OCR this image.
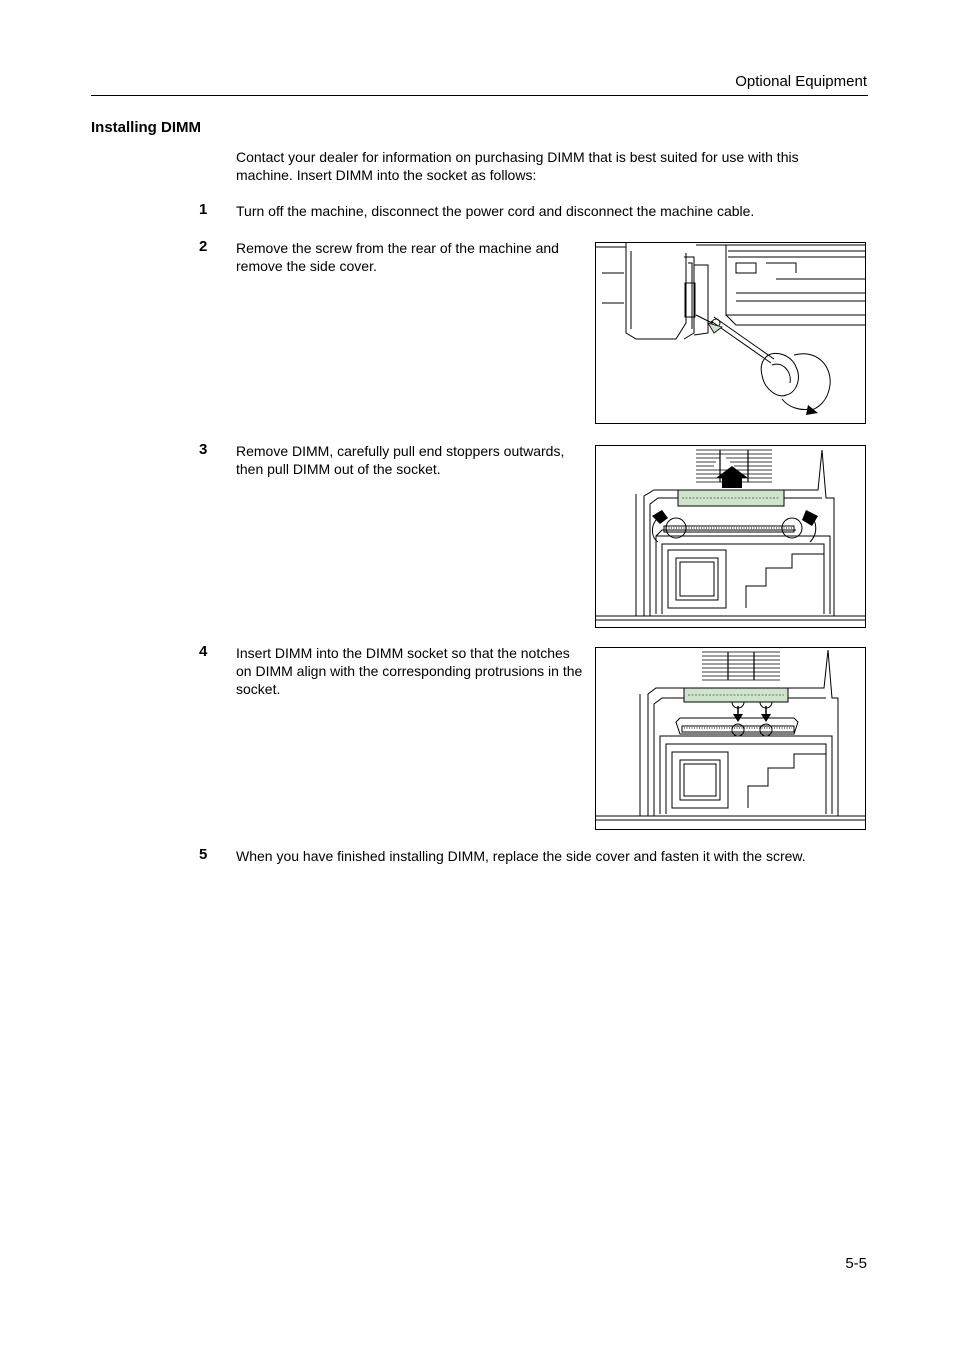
Optional Equipment
Installing DIMM
Contact your dealer for information on purchasing DIMM that is best suited for use with this machine. Insert DIMM into the socket as follows:
1 Turn off the machine, disconnect the power cord and disconnect the machine cable.
2 Remove the screw from the rear of the machine and remove the side cover.
3 Remove DIMM, carefully pull end stoppers outwards, then pull DIMM out of the socket.
4 Insert DIMM into the DIMM socket so that the notches on DIMM align with the corresponding protrusions in the socket.
5 When you have finished installing DIMM, replace the side cover and fasten it with the screw.
5-5
